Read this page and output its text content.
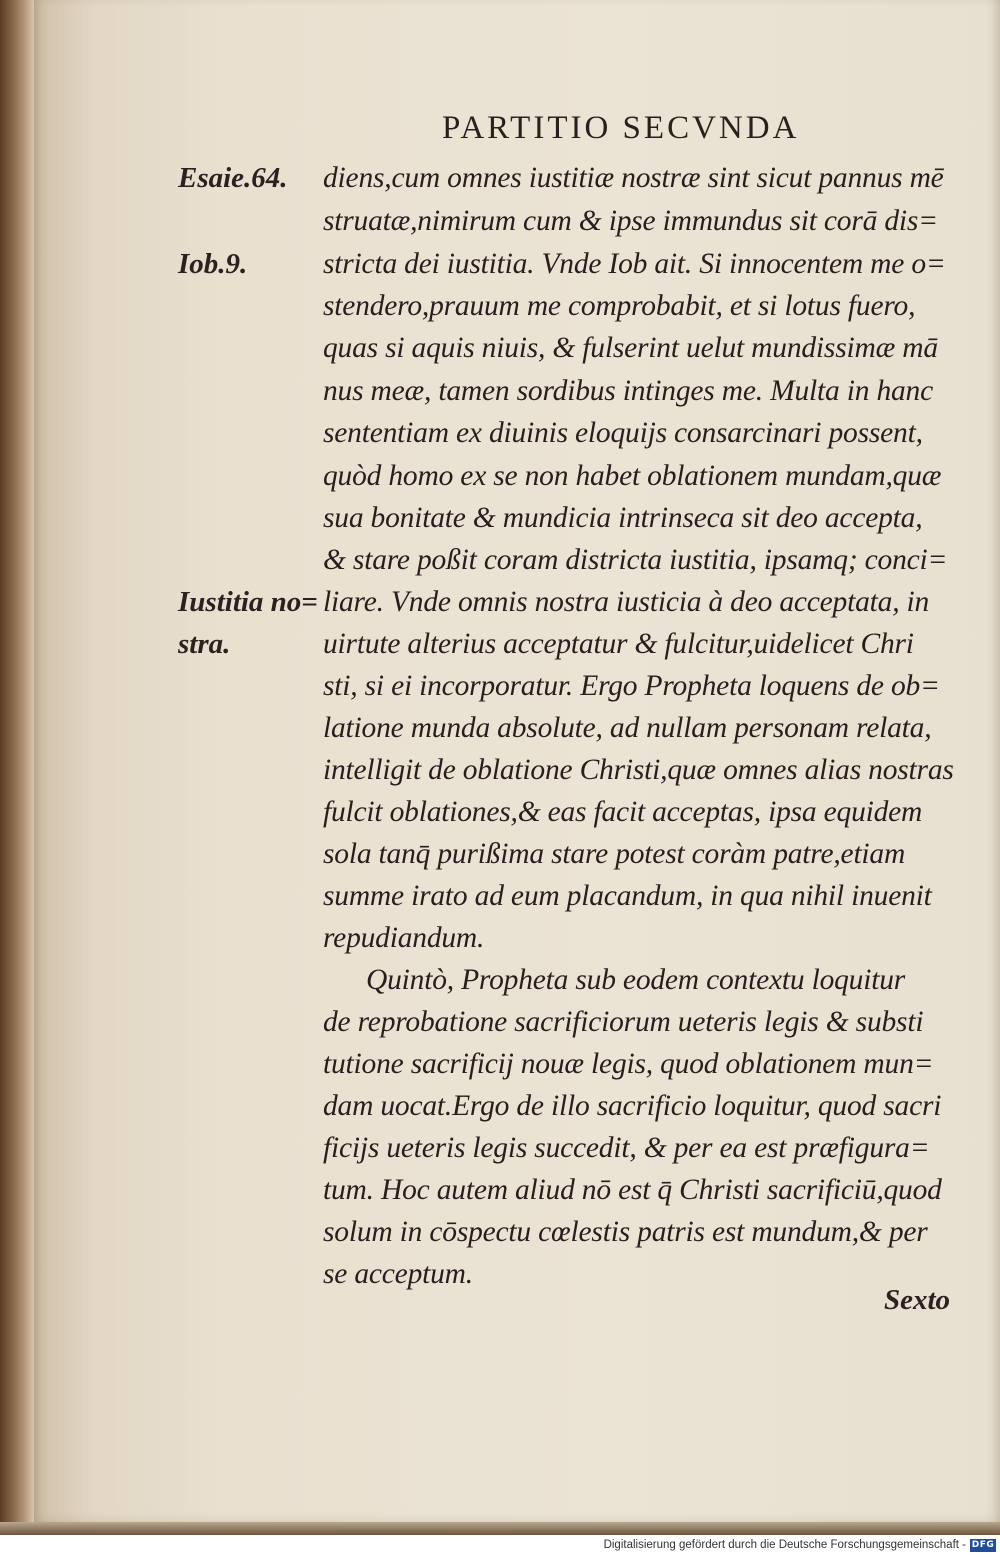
PARTITIO SECVNDA
Esaie.64.
Iob.9.
Iustitia no=
stra.
diens,cum omnes iustitiæ nostræ sint sicut pannus mē
struatæ,nimirum cum & ipse immundus sit corā dis=
stricta dei iustitia. Vnde Iob ait. Si innocentem me o=
stendero,prauum me comprobabit, et si lotus fuero,
quas si aquis niuis, & fulserint uelut mundissimæ mā
nus meæ, tamen sordibus intinges me. Multa in hanc
sententiam ex diuinis eloquijs consarcinari possent,
quòd homo ex se non habet oblationem mundam,quæ
sua bonitate & mundicia intrinseca sit deo accepta,
& stare poßit coram districta iustitia, ipsamq; conci=
liare. Vnde omnis nostra iusticia à deo acceptata, in
uirtute alterius acceptatur & fulcitur,uidelicet Chri
sti, si ei incorporatur. Ergo Propheta loquens de ob=
latione munda absolute, ad nullam personam relata,
intelligit de oblatione Christi,quæ omnes alias nostras
fulcit oblationes,& eas facit acceptas, ipsa equidem
sola tanq̄ purißima stare potest coràm patre,etiam
summe irato ad eum placandum, in qua nihil inuenit
repudiandum.
Quintò, Propheta sub eodem contextu loquitur
de reprobatione sacrificiorum ueteris legis & substi
tutione sacrificij nouæ legis, quod oblationem mun=
dam uocat.Ergo de illo sacrificio loquitur, quod sacri
ficijs ueteris legis succedit, & per ea est præfigura=
tum. Hoc autem aliud nō est q̄ Christi sacrificiū,quod
solum in cōspectu cœlestis patris est mundum,& per
se acceptum.
Sexto
Digitalisierung gefördert durch die Deutsche Forschungsgemeinschaft - DFG
